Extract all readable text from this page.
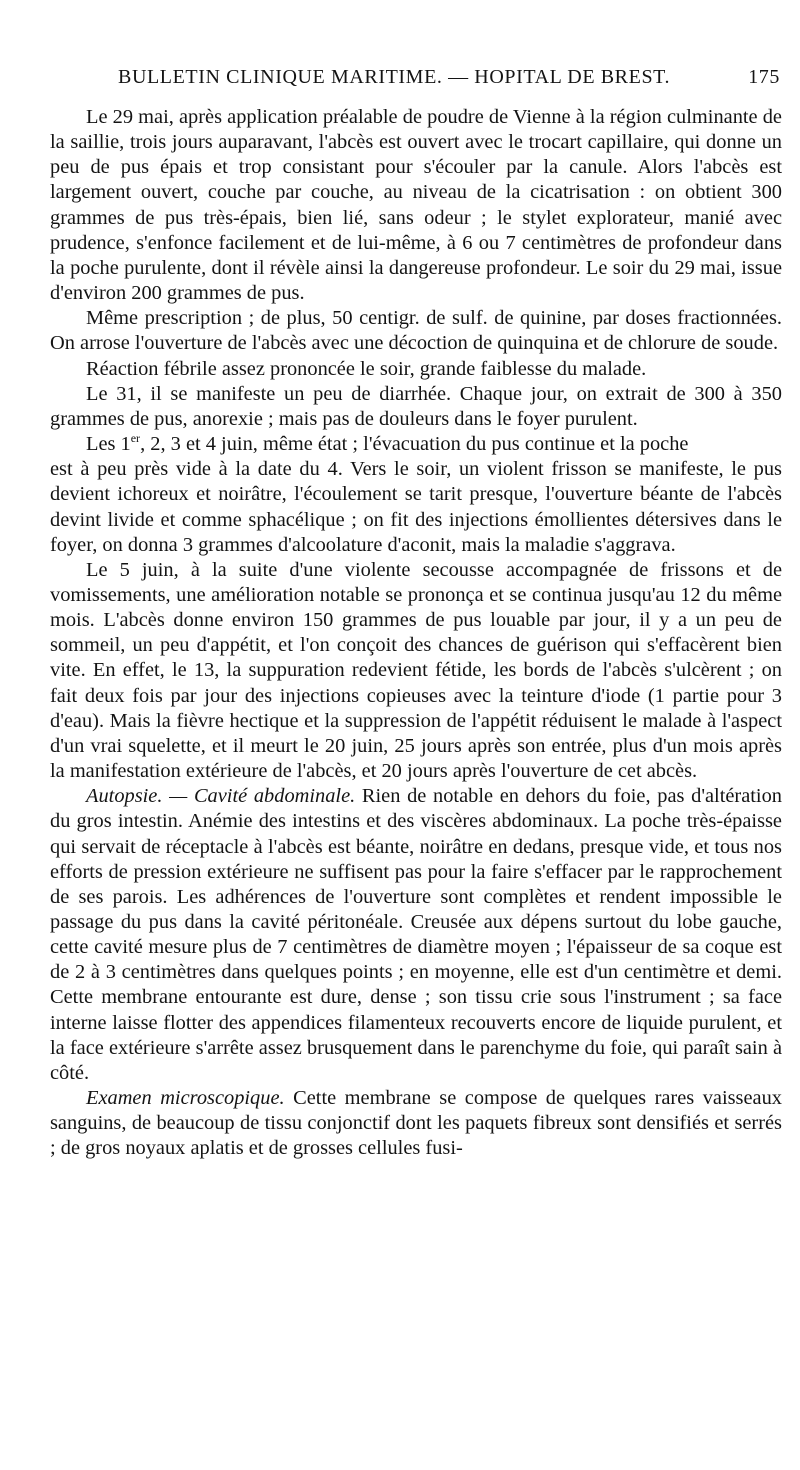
BULLETIN CLINIQUE MARITIME. — HOPITAL DE BREST.	175

Le 29 mai, après application préalable de poudre de Vienne à la région culminante de la saillie, trois jours auparavant, l'abcès est ouvert avec le trocart capillaire, qui donne un peu de pus épais et trop consistant pour s'écouler par la canule. Alors l'abcès est largement ouvert, couche par couche, au niveau de la cicatrisation : on obtient 300 grammes de pus très-épais, bien lié, sans odeur ; le stylet explorateur, manié avec prudence, s'enfonce facilement et de lui-même, à 6 ou 7 centimètres de profondeur dans la poche purulente, dont il révèle ainsi la dangereuse profondeur. Le soir du 29 mai, issue d'environ 200 grammes de pus.

Même prescription ; de plus, 50 centigr. de sulf. de quinine, par doses fractionnées. On arrose l'ouverture de l'abcès avec une décoction de quinquina et de chlorure de soude.

Réaction fébrile assez prononcée le soir, grande faiblesse du malade.

Le 31, il se manifeste un peu de diarrhée. Chaque jour, on extrait de 300 à 350 grammes de pus, anorexie ; mais pas de douleurs dans le foyer purulent.

Les 1er, 2, 3 et 4 juin, même état ; l'évacuation du pus continue et la poche

est à peu près vide à la date du 4. Vers le soir, un violent frisson se manifeste, le pus devient ichoreux et noirâtre, l'écoulement se tarit presque, l'ouverture béante de l'abcès devint livide et comme sphacélique ; on fit des injections émollientes détersives dans le foyer, on donna 3 grammes d'alcoolature d'aconit, mais la maladie s'aggrava.

Le 5 juin, à la suite d'une violente secousse accompagnée de frissons et de vomissements, une amélioration notable se prononça et se continua jusqu'au 12 du même mois. L'abcès donne environ 150 grammes de pus louable par jour, il y a un peu de sommeil, un peu d'appétit, et l'on conçoit des chances de guérison qui s'effacèrent bien vite. En effet, le 13, la suppuration redevient fétide, les bords de l'abcès s'ulcèrent ; on fait deux fois par jour des injections copieuses avec la teinture d'iode (1 partie pour 3 d'eau). Mais la fièvre hectique et la suppression de l'appétit réduisent le malade à l'aspect d'un vrai squelette, et il meurt le 20 juin, 25 jours après son entrée, plus d'un mois après la manifestation extérieure de l'abcès, et 20 jours après l'ouverture de cet abcès.

Autopsie. — Cavité abdominale. Rien de notable en dehors du foie, pas d'altération du gros intestin. Anémie des intestins et des viscères abdominaux. La poche très-épaisse qui servait de réceptacle à l'abcès est béante, noirâtre en dedans, presque vide, et tous nos efforts de pression extérieure ne suffisent pas pour la faire s'effacer par le rapprochement de ses parois. Les adhérences de l'ouverture sont complètes et rendent impossible le passage du pus dans la cavité péritonéale. Creusée aux dépens surtout du lobe gauche, cette cavité mesure plus de 7 centimètres de diamètre moyen ; l'épaisseur de sa coque est de 2 à 3 centimètres dans quelques points ; en moyenne, elle est d'un centimètre et demi. Cette membrane entourante est dure, dense ; son tissu crie sous l'instrument ; sa face interne laisse flotter des appendices filamenteux recouverts encore de liquide purulent, et la face extérieure s'arrête assez brusquement dans le parenchyme du foie, qui paraît sain à côté.

Examen microscopique. Cette membrane se compose de quelques rares vaisseaux sanguins, de beaucoup de tissu conjonctif dont les paquets fibreux sont densifiés et serrés ; de gros noyaux aplatis et de grosses cellules fusi-
